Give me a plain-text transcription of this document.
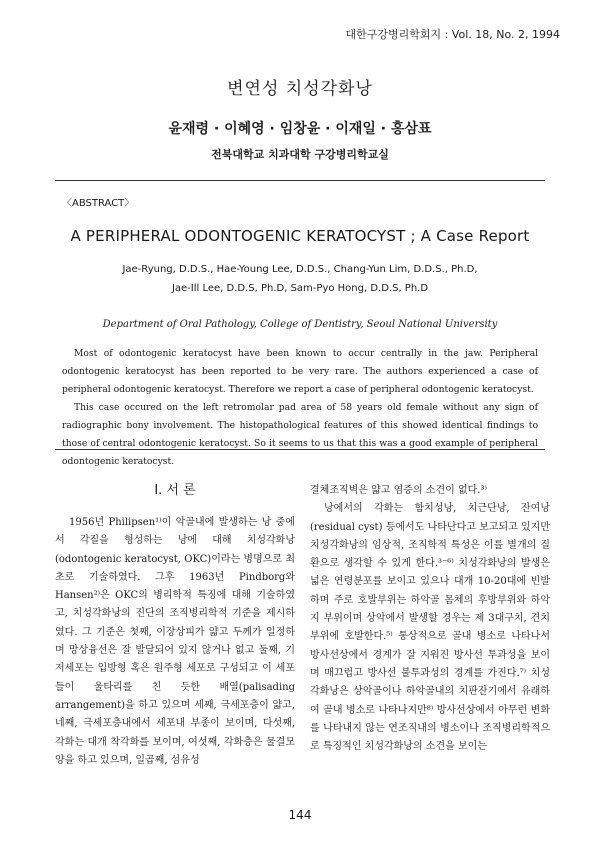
대한구강병리학회지 : Vol. 18, No. 2, 1994
변연성 치성각화낭
윤재령 · 이혜영 · 임창윤 · 이재일 · 홍삼표
전북대학교 치과대학 구강병리학교실
〈ABSTRACT〉
A PERIPHERAL ODONTOGENIC KERATOCYST ; A Case Report
Jae-Ryung, D.D.S., Hae-Young Lee, D.D.S., Chang-Yun Lim, D.D.S., Ph.D,
Jae-Ill Lee, D.D.S, Ph.D, Sam-Pyo Hong, D.D.S, Ph.D
Department of Oral Pathology, College of Dentistry, Seoul National University

Most of odontogenic keratocyst have been known to occur centrally in the jaw. Peripheral odontogenic keratocyst has been reported to be very rare. The authors experienced a case of peripheral odontogenic keratocyst. Therefore we report a case of peripheral odontogenic keratocyst.

This case occured on the left retromolar pad area of 58 years old female without any sign of radiographic bony involvement. The histopathological features of this showed identical findings to those of central odontogenic keratocyst. So it seems to us that this was a good example of peripheral odontogenic keratocyst.

I. 서 론

1956년 Philipsen¹⁾이 악골내에 발생하는 낭 중에서 각질을 형성하는 낭에 대해 치성각화낭(odontogenic keratocyst, OKC)이라는 병명으로 최초로 기술하였다. 그후 1963년 Pindborg와 Hansen²⁾은 OKC의 병리학적 특징에 대해 기술하였고, 치성각화낭의 진단의 조직병리학적 기준을 제시하였다. 그 기준은 첫째, 이장상피가 얇고 두께가 일정하며 망상융선은 잘 발달되어 있지 않거나 없고 둘째, 기저세포는 입방형 혹은 원주형 세포로 구성되고 이 세포들이 울타리를 친 듯한 배열(palisading arrangement)을 하고 있으며 세째, 극세포층이 얇고, 네째, 극세포층내에서 세포내 부종이 보이며, 다섯째, 각화는 대개 착각화를 보이며, 여섯째, 각화층은 물결모양을 하고 있으며, 일곱째, 섬유성

결체조직벽은 얇고 염증의 소견이 없다.³⁾

낭에서의 각화는 함치성낭, 치근단낭, 잔여낭(residual cyst) 등에서도 나타난다고 보고되고 있지만 치성각화낭의 임상적, 조직학적 특성은 이를 별개의 질환으로 생각할 수 있게 한다.³⁻⁶⁾ 치성각화낭의 발생은 넓은 연령분포를 보이고 있으나 대개 10-20대에 빈발하며 주로 호발부위는 하악골 몸체의 후방부위와 하악지 부위이며 상악에서 발생할 경우는 제 3대구치, 견치부위에 호발한다.⁵⁾ 통상적으로 골내 병소로 나타나서 방사선상에서 경계가 잘 지워진 방사선 투과성을 보이며 매끄럽고 방사선 불투과성의 경계를 가진다.⁷⁾ 치성각화낭은 상악골이나 하악골내의 치판잔기에서 유래하여 골내 병소로 나타나지만⁸⁾ 방사선상에서 아무런 변화를 나타내지 않는 연조직내의 병소이나 조직병리학적으로 특징적인 치성각화낭의 소견을 보이는

144
